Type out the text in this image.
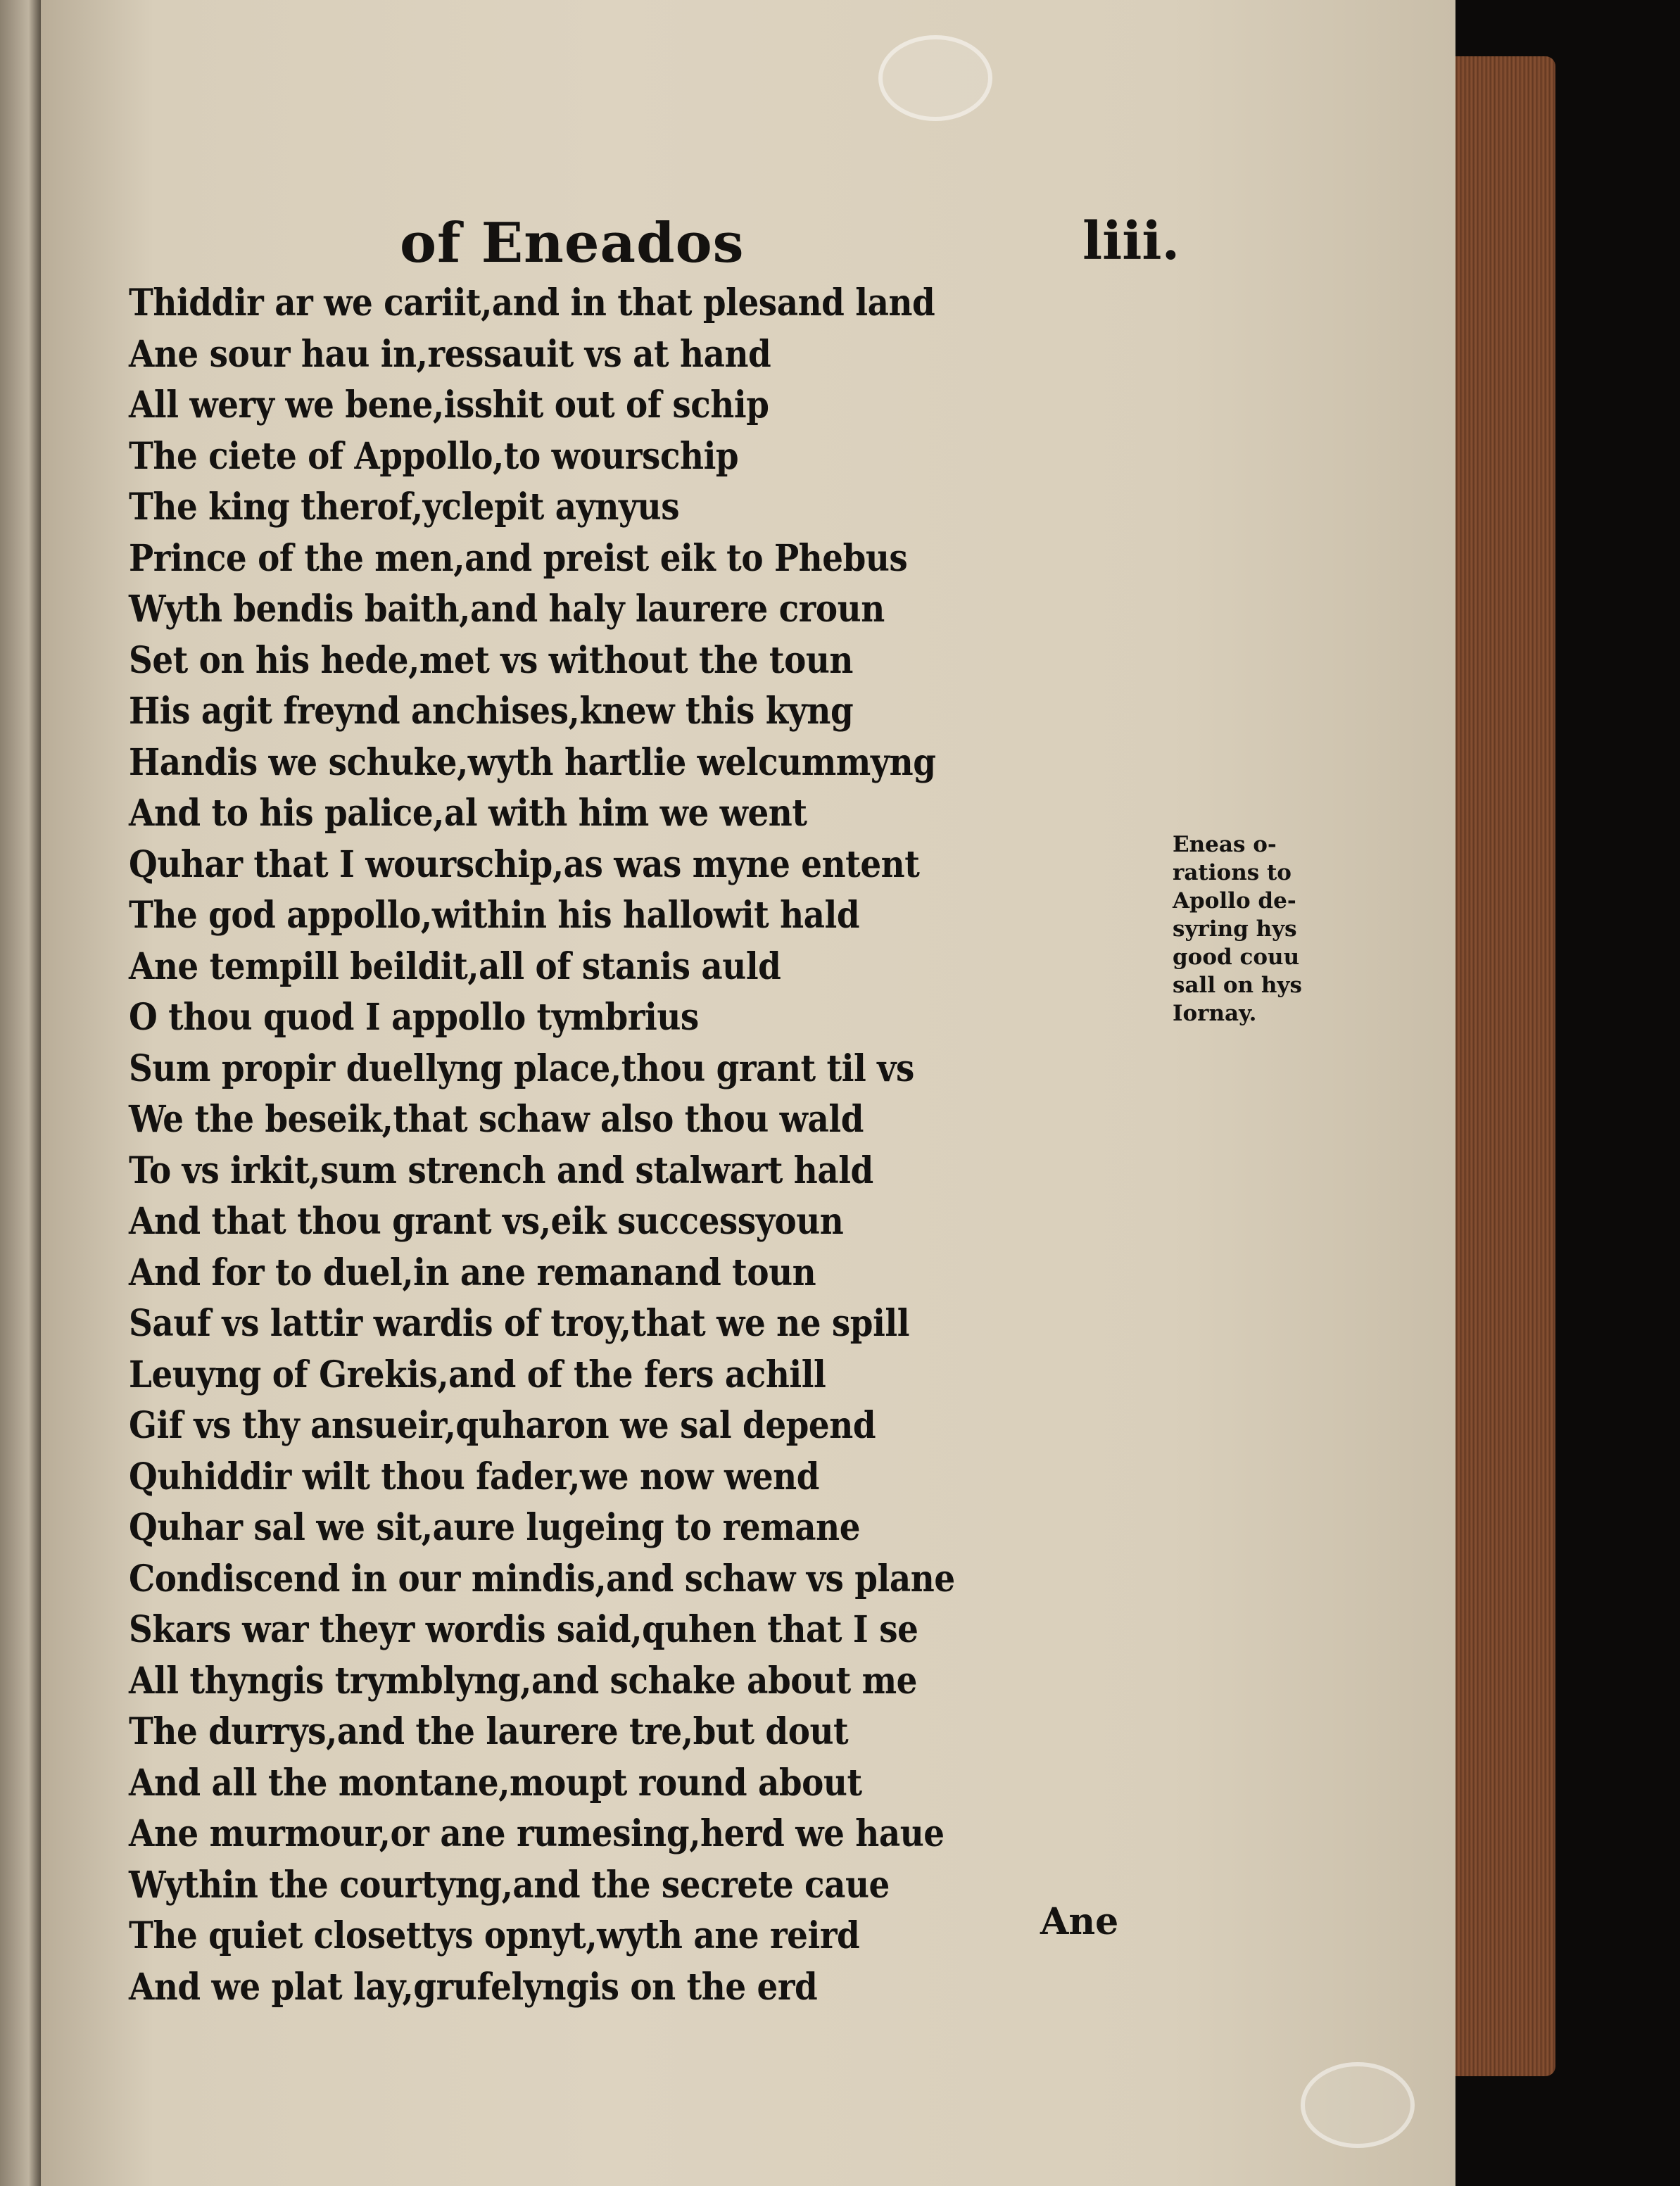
of Eneados	liii.
Thiddir ar we cariit,and in that plesand land
Ane sour hau in,ressauit vs at hand
All wery we bene,isshit out of schip
The ciete of Appollo,to wourschip
The king therof,yclepit aynyus
Prince of the men,and preist eik to Phebus
Wyth bendis baith,and haly laurere croun
Set on his hede,met vs without the toun
His agit freynd anchises,knew this kyng
Handis we schuke,wyth hartlie welcummyng
And to his palice,al with him we went
Quhar that I wourschip,as was myne entent
The god appollo,within his hallowit hald
Ane tempill beildit,all of stanis auld
O thou quod I appollo tymbrius
Sum propir duellyng place,thou grant til vs
We the beseik,that schaw also thou wald
To vs irkit,sum strench and stalwart hald
And that thou grant vs,eik successyoun
And for to duel,in ane remanand toun
Sauf vs lattir wardis of troy,that we ne spill
Leuyng of Grekis,and of the fers achill
Gif vs thy ansueir,quharon we sal depend
Quhiddir wilt thou fader,we now wend
Quhar sal we sit,aure lugeing to remane
Condiscend in our mindis,and schaw vs plane
Skars war theyr wordis said,quhen that I se
All thyngis trymblyng,and schake about me
The durrys,and the laurere tre,but dout
And all the montane,moupt round about
Ane murmour,or ane rumesing,herd we haue
Wythin the courtyng,and the secrete caue
The quiet closettys opnyt,wyth ane reird
And we plat lay,grufelyngis on the erd
Eneas o-
rations to
Apollo de-
syring hys
good couu
sall on hys
Iornay.
Ane
